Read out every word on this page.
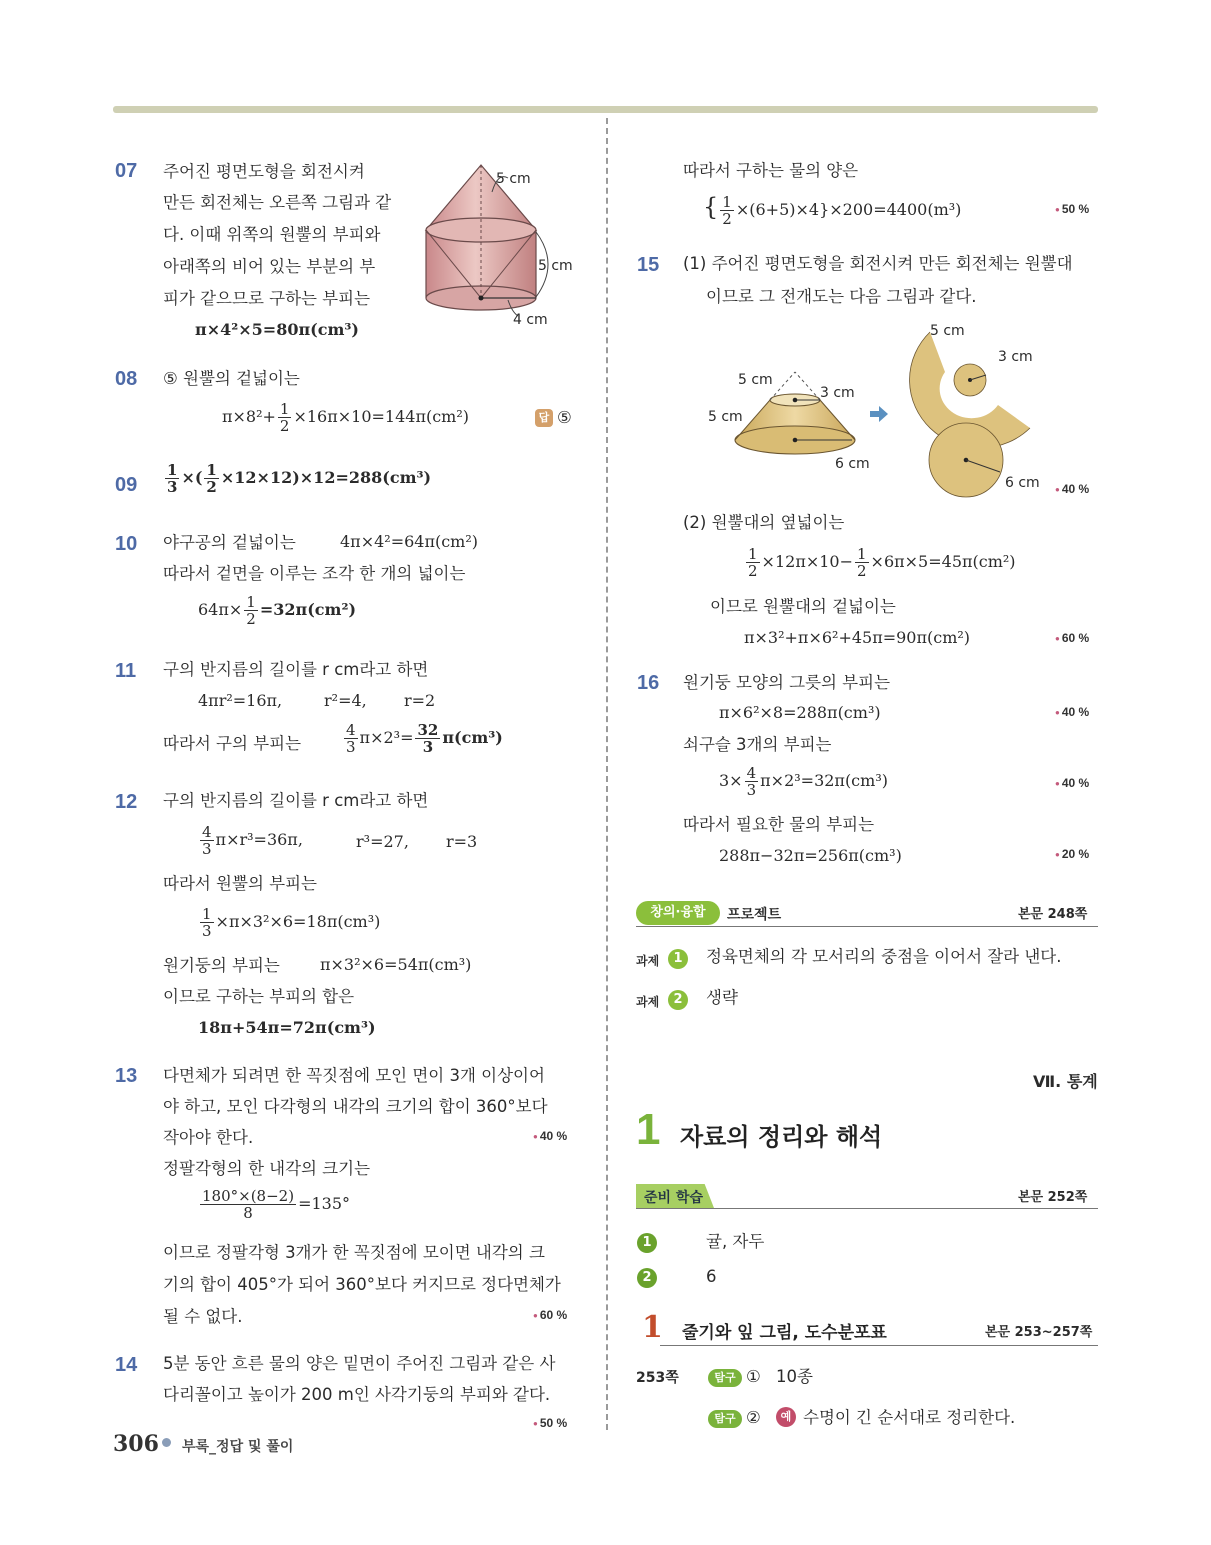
07 주어진 평면도형을 회전시켜
만든 회전체는 오른쪽 그림과 같
다. 이때 위쪽의 원뿔의 부피와
아래쪽의 비어 있는 부분의 부
피가 같으므로 구하는 부피는
π×4²×5=80π(cm³)
5 cm
5 cm
4 cm
08 ⑤ 원뿔의 겉넓이는
$\pi\times 8^2+ \frac{1}{2} \times 16\pi\times 10=144\pi(cm^2)$	답 ⑤
$09 \frac{1}{3}$ ×( $\frac{1}{2} \times 12\times 12)\times 12=288(cm^3)$
10 야구공의 겉넓이는	4π×4²=64π(cm²)
따라서 겉면을 이루는 조각 한 개의 넓이는
$64\pi\times \frac{1}{2} =32\pi(cm^2)$
11 구의 반지름의 길이를 r cm라고 하면
4πr²=16π,	r²=4, r=2
따라서 구의 부피는	$\frac{4}{3} \pi\times 2^3= \frac{32}{3} \pi(cm^3)$
12 구의 반지름의 길이를 r cm라고 하면
$\frac{4}{3} \pi\times r^3=36\pi$,	r³=27, r=3
따라서 원뿔의 부피는
$\frac{1}{3} \times\pi\times 3^2\times 6=18\pi(cm^3)$
원기둥의 부피는	π×3²×6=54π(cm³)
이므로 구하는 부피의 합은
18π+54π=72π(cm³)
13 다면체가 되려면 한 꼭짓점에 모인 면이 3개 이상이어
야 하고, 모인 다각형의 내각의 크기의 합이 360°보다
작아야 한다.	● 40 %
정팔각형의 한 내각의 크기는
$\frac{180^\circ\times(8-2)}{8} =135^\circ$
이므로 정팔각형 3개가 한 꼭짓점에 모이면 내각의 크
기의 합이 405°가 되어 360°보다 커지므로 정다면체가
될 수 없다.	● 60 %
14 5분 동안 흐른 물의 양은 밑면이 주어진 그림과 같은 사
다리꼴이고 높이가 200 m인 사각기둥의 부피와 같다.
● 50 %
따라서 구하는 물의 양은
{ $\frac{1}{2} \times(6+5)\times 4\}\times 200=4400(m^3)$	● 50 %
15 (1) 주어진 평면도형을 회전시켜 만든 회전체는 원뿔대
이므로 그 전개도는 다음 그림과 같다.
5 cm
3 cm
5 cm
6 cm
5 cm
3 cm
6 cm	● 40 %
(2) 원뿔대의 옆넓이는
$\frac{1}{2} \times 12\pi\times 10- \frac{1}{2} \times 6\pi\times 5=45\pi(cm^2)$
이므로 원뿔대의 겉넓이는
π×3²+π×6²+45π=90π(cm²)	● 60 %
16 원기둥 모양의 그릇의 부피는
π×6²×8=288π(cm³)	● 40 %
쇠구슬 3개의 부피는
$3\times \frac{4}{3} \pi\times 2^3=32\pi(cm^3)$	● 40 %
따라서 필요한 물의 부피는
288π−32π=256π(cm³)	● 20 %
창의·융합	프로젝트	본문 248쪽
과제	1	정육면체의 각 모서리의 중점을 이어서 잘라 낸다.
과제	2	생략
Ⅶ. 통계
1 자료의 정리와 해석
준비 학습	본문 252쪽
1	귤, 자두
2	6
1 줄기와 잎 그림, 도수분포표	본문 253~257쪽
253쪽	탐구 ① 10종
탐구 ②	예 수명이 긴 순서대로 정리한다.
306 부록_정답 및 풀이
